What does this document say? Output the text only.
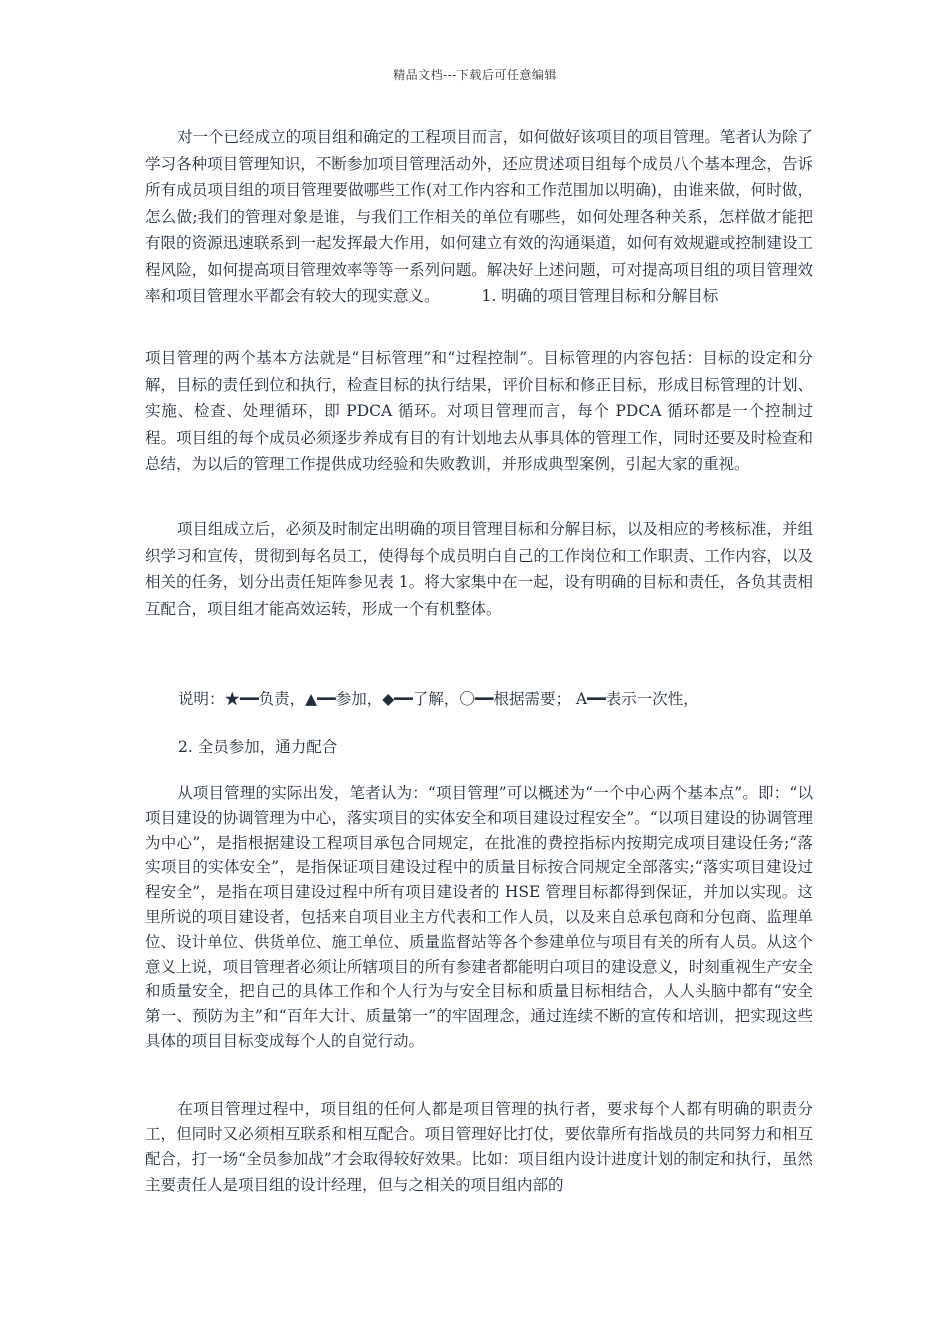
精品文档---下载后可任意编辑
对一个已经成立的项目组和确定的工程项目而言，如何做好该项目的项目管理。笔者认为除了学习各种项目管理知识，不断参加项目管理活动外，还应贯述项目组每个成员八个基本理念，告诉所有成员项目组的项目管理要做哪些工作(对工作内容和工作范围加以明确)，由谁来做，何时做，怎么做;我们的管理对象是谁，与我们工作相关的单位有哪些，如何处理各种关系，怎样做才能把有限的资源迅速联系到一起发挥最大作用，如何建立有效的沟通渠道，如何有效规避或控制建设工程风险，如何提高项目管理效率等等一系列问题。解决好上述问题，可对提高项目组的项目管理效率和项目管理水平都会有较大的现实意义。	1. 明确的项目管理目标和分解目标
项目管理的两个基本方法就是“目标管理”和“过程控制”。目标管理的内容包括：目标的设定和分解，目标的责任到位和执行，检查目标的执行结果，评价目标和修正目标，形成目标管理的计划、实施、检查、处理循环，即 PDCA 循环。对项目管理而言，每个 PDCA 循环都是一个控制过程。项目组的每个成员必须逐步养成有目的有计划地去从事具体的管理工作，同时还要及时检查和总结，为以后的管理工作提供成功经验和失败教训，并形成典型案例，引起大家的重视。
项目组成立后，必须及时制定出明确的项目管理目标和分解目标，以及相应的考核标准，并组织学习和宣传，贯彻到每名员工，使得每个成员明白自己的工作岗位和工作职责、工作内容，以及相关的任务，划分出责任矩阵参见表 1。将大家集中在一起，设有明确的目标和责任，各负其责相互配合，项目组才能高效运转，形成一个有机整体。
说明：★━━负责，▲━━参加，◆━━了解，〇━━根据需要； A━━表示一次性，
2. 全员参加，通力配合
从项目管理的实际出发，笔者认为：“项目管理”可以概述为“一个中心两个基本点”。即：“以项目建设的协调管理为中心，落实项目的实体安全和项目建设过程安全”。“以项目建设的协调管理为中心”，是指根据建设工程项目承包合同规定，在批准的费控指标内按期完成项目建设任务;“落实项目的实体安全”，是指保证项目建设过程中的质量目标按合同规定全部落实;“落实项目建设过程安全”，是指在项目建设过程中所有项目建设者的 HSE 管理目标都得到保证，并加以实现。这里所说的项目建设者，包括来自项目业主方代表和工作人员，以及来自总承包商和分包商、监理单位、设计单位、供货单位、施工单位、质量监督站等各个参建单位与项目有关的所有人员。从这个意义上说，项目管理者必须让所辖项目的所有参建者都能明白项目的建设意义，时刻重视生产安全和质量安全，把自己的具体工作和个人行为与安全目标和质量目标相结合，人人头脑中都有“安全第一、预防为主”和“百年大计、质量第一”的牢固理念，通过连续不断的宣传和培训，把实现这些具体的项目目标变成每个人的自觉行动。
在项目管理过程中，项目组的任何人都是项目管理的执行者，要求每个人都有明确的职责分工，但同时又必须相互联系和相互配合。项目管理好比打仗，要依靠所有指战员的共同努力和相互配合，打一场“全员参加战”才会取得较好效果。比如：项目组内设计进度计划的制定和执行，虽然主要责任人是项目组的设计经理，但与之相关的项目组内部的
